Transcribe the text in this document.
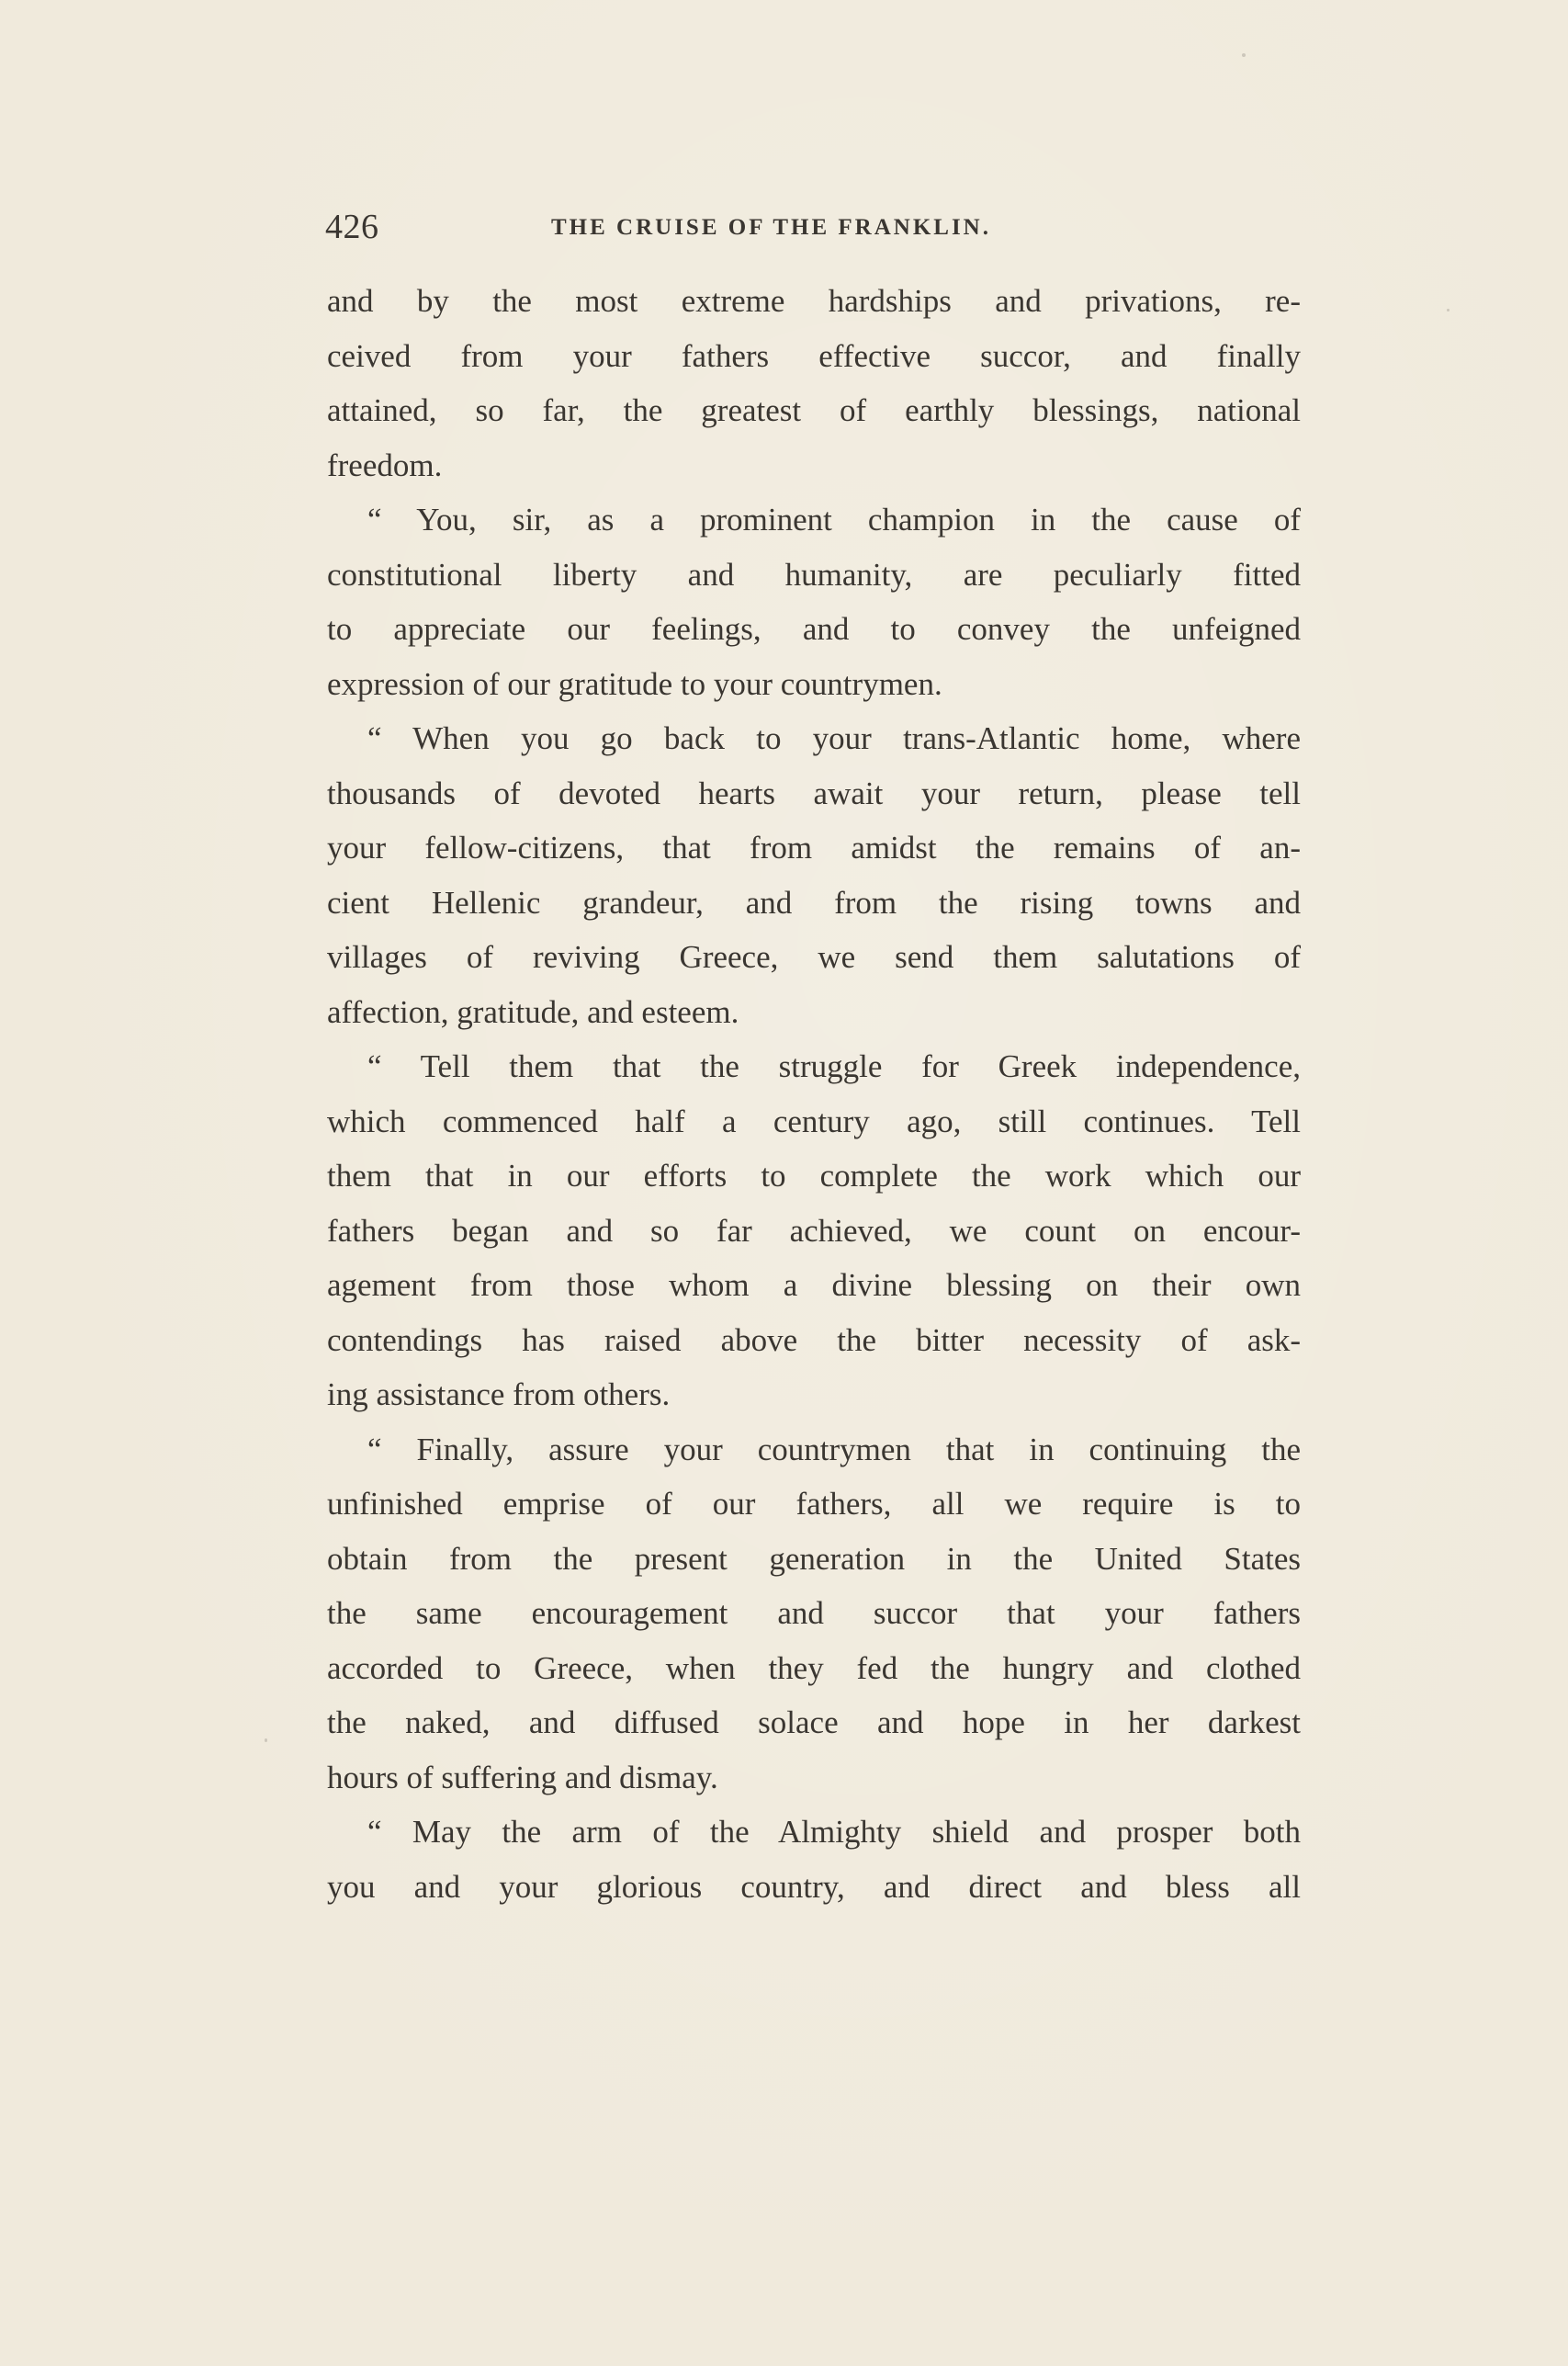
426	THE CRUISE OF THE FRANKLIN.
and by the most extreme hardships and privations, re-
ceived from your fathers effective succor, and finally
attained, so far, the greatest of earthly blessings, national
freedom.
“ You, sir, as a prominent champion in the cause of
constitutional liberty and humanity, are peculiarly fitted
to appreciate our feelings, and to convey the unfeigned
expression of our gratitude to your countrymen.
“ When you go back to your trans-Atlantic home, where
thousands of devoted hearts await your return, please tell
your fellow-citizens, that from amidst the remains of an-
cient Hellenic grandeur, and from the rising towns and
villages of reviving Greece, we send them salutations of
affection, gratitude, and esteem.
“ Tell them that the struggle for Greek independence,
which commenced half a century ago, still continues. Tell
them that in our efforts to complete the work which our
fathers began and so far achieved, we count on encour-
agement from those whom a divine blessing on their own
contendings has raised above the bitter necessity of ask-
ing assistance from others.
“ Finally, assure your countrymen that in continuing the
unfinished emprise of our fathers, all we require is to
obtain from the present generation in the United States
the same encouragement and succor that your fathers
accorded to Greece, when they fed the hungry and clothed
the naked, and diffused solace and hope in her darkest
hours of suffering and dismay.
“ May the arm of the Almighty shield and prosper both
you and your glorious country, and direct and bless all
